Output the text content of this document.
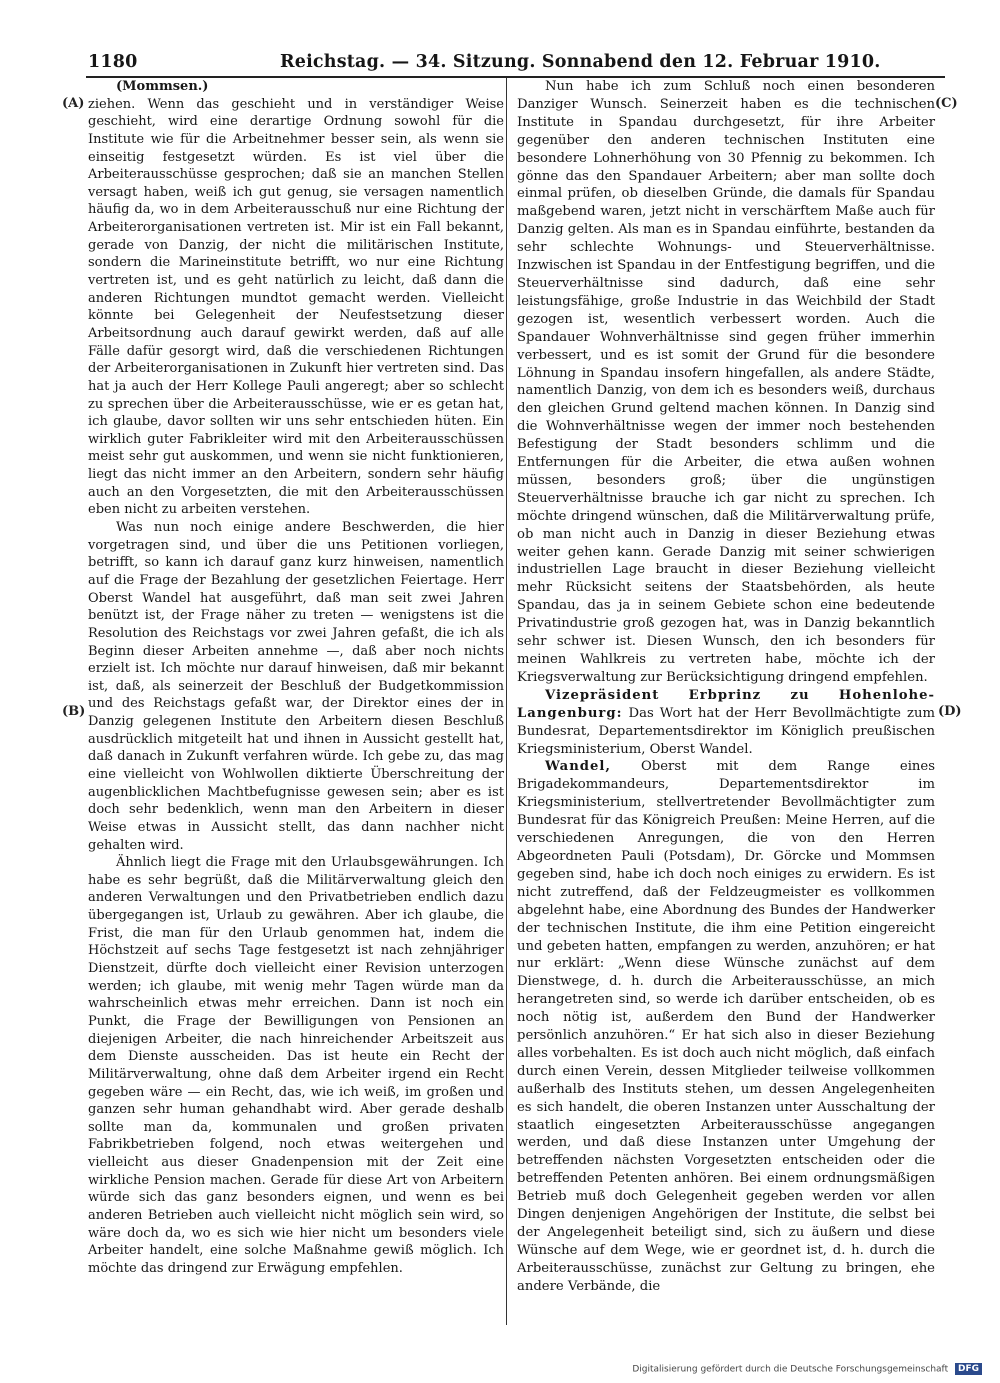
1180	Reichstag. — 34. Sitzung. Sonnabend den 12. Februar 1910.
(A)
(B)
(C)
(D)

(Mommsen.)

ziehen. Wenn das geschieht und in verständiger Weise geschieht, wird eine derartige Ordnung sowohl für die Institute wie für die Arbeitnehmer besser sein, als wenn sie einseitig festgesetzt würden. Es ist viel über die Arbeiterausschüsse gesprochen; daß sie an manchen Stellen versagt haben, weiß ich gut genug, sie versagen namentlich häufig da, wo in dem Arbeiterausschuß nur eine Richtung der Arbeiterorganisationen vertreten ist. Mir ist ein Fall bekannt, gerade von Danzig, der nicht die militärischen Institute, sondern die Marineinstitute betrifft, wo nur eine Richtung vertreten ist, und es geht natürlich zu leicht, daß dann die anderen Richtungen mundtot gemacht werden. Vielleicht könnte bei Gelegenheit der Neufestsetzung dieser Arbeitsordnung auch darauf gewirkt werden, daß auf alle Fälle dafür gesorgt wird, daß die verschiedenen Richtungen der Arbeiterorganisationen in Zukunft hier vertreten sind. Das hat ja auch der Herr Kollege Pauli angeregt; aber so schlecht zu sprechen über die Arbeiterausschüsse, wie er es getan hat, ich glaube, davor sollten wir uns sehr entschieden hüten. Ein wirklich guter Fabrikleiter wird mit den Arbeiterausschüssen meist sehr gut auskommen, und wenn sie nicht funktionieren, liegt das nicht immer an den Arbeitern, sondern sehr häufig auch an den Vorgesetzten, die mit den Arbeiterausschüssen eben nicht zu arbeiten verstehen.

Was nun noch einige andere Beschwerden, die hier vorgetragen sind, und über die uns Petitionen vorliegen, betrifft, so kann ich darauf ganz kurz hinweisen, namentlich auf die Frage der Bezahlung der gesetzlichen Feiertage. Herr Oberst Wandel hat ausgeführt, daß man seit zwei Jahren benützt ist, der Frage näher zu treten — wenigstens ist die Resolution des Reichstags vor zwei Jahren gefaßt, die ich als Beginn dieser Arbeiten annehme —, daß aber noch nichts erzielt ist. Ich möchte nur darauf hinweisen, daß mir bekannt ist, daß, als seinerzeit der Beschluß der Budgetkommission und des Reichstags gefaßt war, der Direktor eines der in Danzig gelegenen Institute den Arbeitern diesen Beschluß ausdrücklich mitgeteilt hat und ihnen in Aussicht gestellt hat, daß danach in Zukunft verfahren würde. Ich gebe zu, das mag eine vielleicht von Wohlwollen diktierte Überschreitung der augenblicklichen Machtbefugnisse gewesen sein; aber es ist doch sehr bedenklich, wenn man den Arbeitern in dieser Weise etwas in Aussicht stellt, das dann nachher nicht gehalten wird.

Ähnlich liegt die Frage mit den Urlaubsgewährungen. Ich habe es sehr begrüßt, daß die Militärverwaltung gleich den anderen Verwaltungen und den Privatbetrieben endlich dazu übergegangen ist, Urlaub zu gewähren. Aber ich glaube, die Frist, die man für den Urlaub genommen hat, indem die Höchstzeit auf sechs Tage festgesetzt ist nach zehnjähriger Dienstzeit, dürfte doch vielleicht einer Revision unterzogen werden; ich glaube, mit wenig mehr Tagen würde man da wahrscheinlich etwas mehr erreichen. Dann ist noch ein Punkt, die Frage der Bewilligungen von Pensionen an diejenigen Arbeiter, die nach hinreichender Arbeitszeit aus dem Dienste ausscheiden. Das ist heute ein Recht der Militärverwaltung, ohne daß dem Arbeiter irgend ein Recht gegeben wäre — ein Recht, das, wie ich weiß, im großen und ganzen sehr human gehandhabt wird. Aber gerade deshalb sollte man da, kommunalen und großen privaten Fabrikbetrieben folgend, noch etwas weitergehen und vielleicht aus dieser Gnadenpension mit der Zeit eine wirkliche Pension machen. Gerade für diese Art von Arbeitern würde sich das ganz besonders eignen, und wenn es bei anderen Betrieben auch vielleicht nicht möglich sein wird, so wäre doch da, wo es sich wie hier nicht um besonders viele Arbeiter handelt, eine solche Maßnahme gewiß möglich. Ich möchte das dringend zur Erwägung empfehlen.

Nun habe ich zum Schluß noch einen besonderen Danziger Wunsch. Seinerzeit haben es die technischen Institute in Spandau durchgesetzt, für ihre Arbeiter gegenüber den anderen technischen Instituten eine besondere Lohnerhöhung von 30 Pfennig zu bekommen. Ich gönne das den Spandauer Arbeitern; aber man sollte doch einmal prüfen, ob dieselben Gründe, die damals für Spandau maßgebend waren, jetzt nicht in verschärftem Maße auch für Danzig gelten. Als man es in Spandau einführte, bestanden da sehr schlechte Wohnungs- und Steuerverhältnisse. Inzwischen ist Spandau in der Entfestigung begriffen, und die Steuerverhältnisse sind dadurch, daß eine sehr leistungsfähige, große Industrie in das Weichbild der Stadt gezogen ist, wesentlich verbessert worden. Auch die Spandauer Wohnverhältnisse sind gegen früher immerhin verbessert, und es ist somit der Grund für die besondere Löhnung in Spandau insofern hingefallen, als andere Städte, namentlich Danzig, von dem ich es besonders weiß, durchaus den gleichen Grund geltend machen können. In Danzig sind die Wohnverhältnisse wegen der immer noch bestehenden Befestigung der Stadt besonders schlimm und die Entfernungen für die Arbeiter, die etwa außen wohnen müssen, besonders groß; über die ungünstigen Steuerverhältnisse brauche ich gar nicht zu sprechen. Ich möchte dringend wünschen, daß die Militärverwaltung prüfe, ob man nicht auch in Danzig in dieser Beziehung etwas weiter gehen kann. Gerade Danzig mit seiner schwierigen industriellen Lage braucht in dieser Beziehung vielleicht mehr Rücksicht seitens der Staatsbehörden, als heute Spandau, das ja in seinem Gebiete schon eine bedeutende Privatindustrie groß gezogen hat, was in Danzig bekanntlich sehr schwer ist. Diesen Wunsch, den ich besonders für meinen Wahlkreis zu vertreten habe, möchte ich der Kriegsverwaltung zur Berücksichtigung dringend empfehlen.

Vizepräsident Erbprinz zu Hohenlohe-Langenburg: Das Wort hat der Herr Bevollmächtigte zum Bundesrat, Departementsdirektor im Königlich preußischen Kriegsministerium, Oberst Wandel.

Wandel, Oberst mit dem Range eines Brigadekommandeurs, Departementsdirektor im Kriegsministerium, stellvertretender Bevollmächtigter zum Bundesrat für das Königreich Preußen: Meine Herren, auf die verschiedenen Anregungen, die von den Herren Abgeordneten Pauli (Potsdam), Dr. Görcke und Mommsen gegeben sind, habe ich doch noch einiges zu erwidern. Es ist nicht zutreffend, daß der Feldzeugmeister es vollkommen abgelehnt habe, eine Abordnung des Bundes der Handwerker der technischen Institute, die ihm eine Petition eingereicht und gebeten hatten, empfangen zu werden, anzuhören; er hat nur erklärt: „Wenn diese Wünsche zunächst auf dem Dienstwege, d. h. durch die Arbeiterausschüsse, an mich herangetreten sind, so werde ich darüber entscheiden, ob es noch nötig ist, außerdem den Bund der Handwerker persönlich anzuhören.“ Er hat sich also in dieser Beziehung alles vorbehalten. Es ist doch auch nicht möglich, daß einfach durch einen Verein, dessen Mitglieder teilweise vollkommen außerhalb des Instituts stehen, um dessen Angelegenheiten es sich handelt, die oberen Instanzen unter Ausschaltung der staatlich eingesetzten Arbeiterausschüsse angegangen werden, und daß diese Instanzen unter Umgehung der betreffenden nächsten Vorgesetzten entscheiden oder die betreffenden Petenten anhören. Bei einem ordnungsmäßigen Betrieb muß doch Gelegenheit gegeben werden vor allen Dingen denjenigen Angehörigen der Institute, die selbst bei der Angelegenheit beteiligt sind, sich zu äußern und diese Wünsche auf dem Wege, wie er geordnet ist, d. h. durch die Arbeiterausschüsse, zunächst zur Geltung zu bringen, ehe andere Verbände, die

Digitalisierung gefördert durch die Deutsche Forschungsgemeinschaft DFG
